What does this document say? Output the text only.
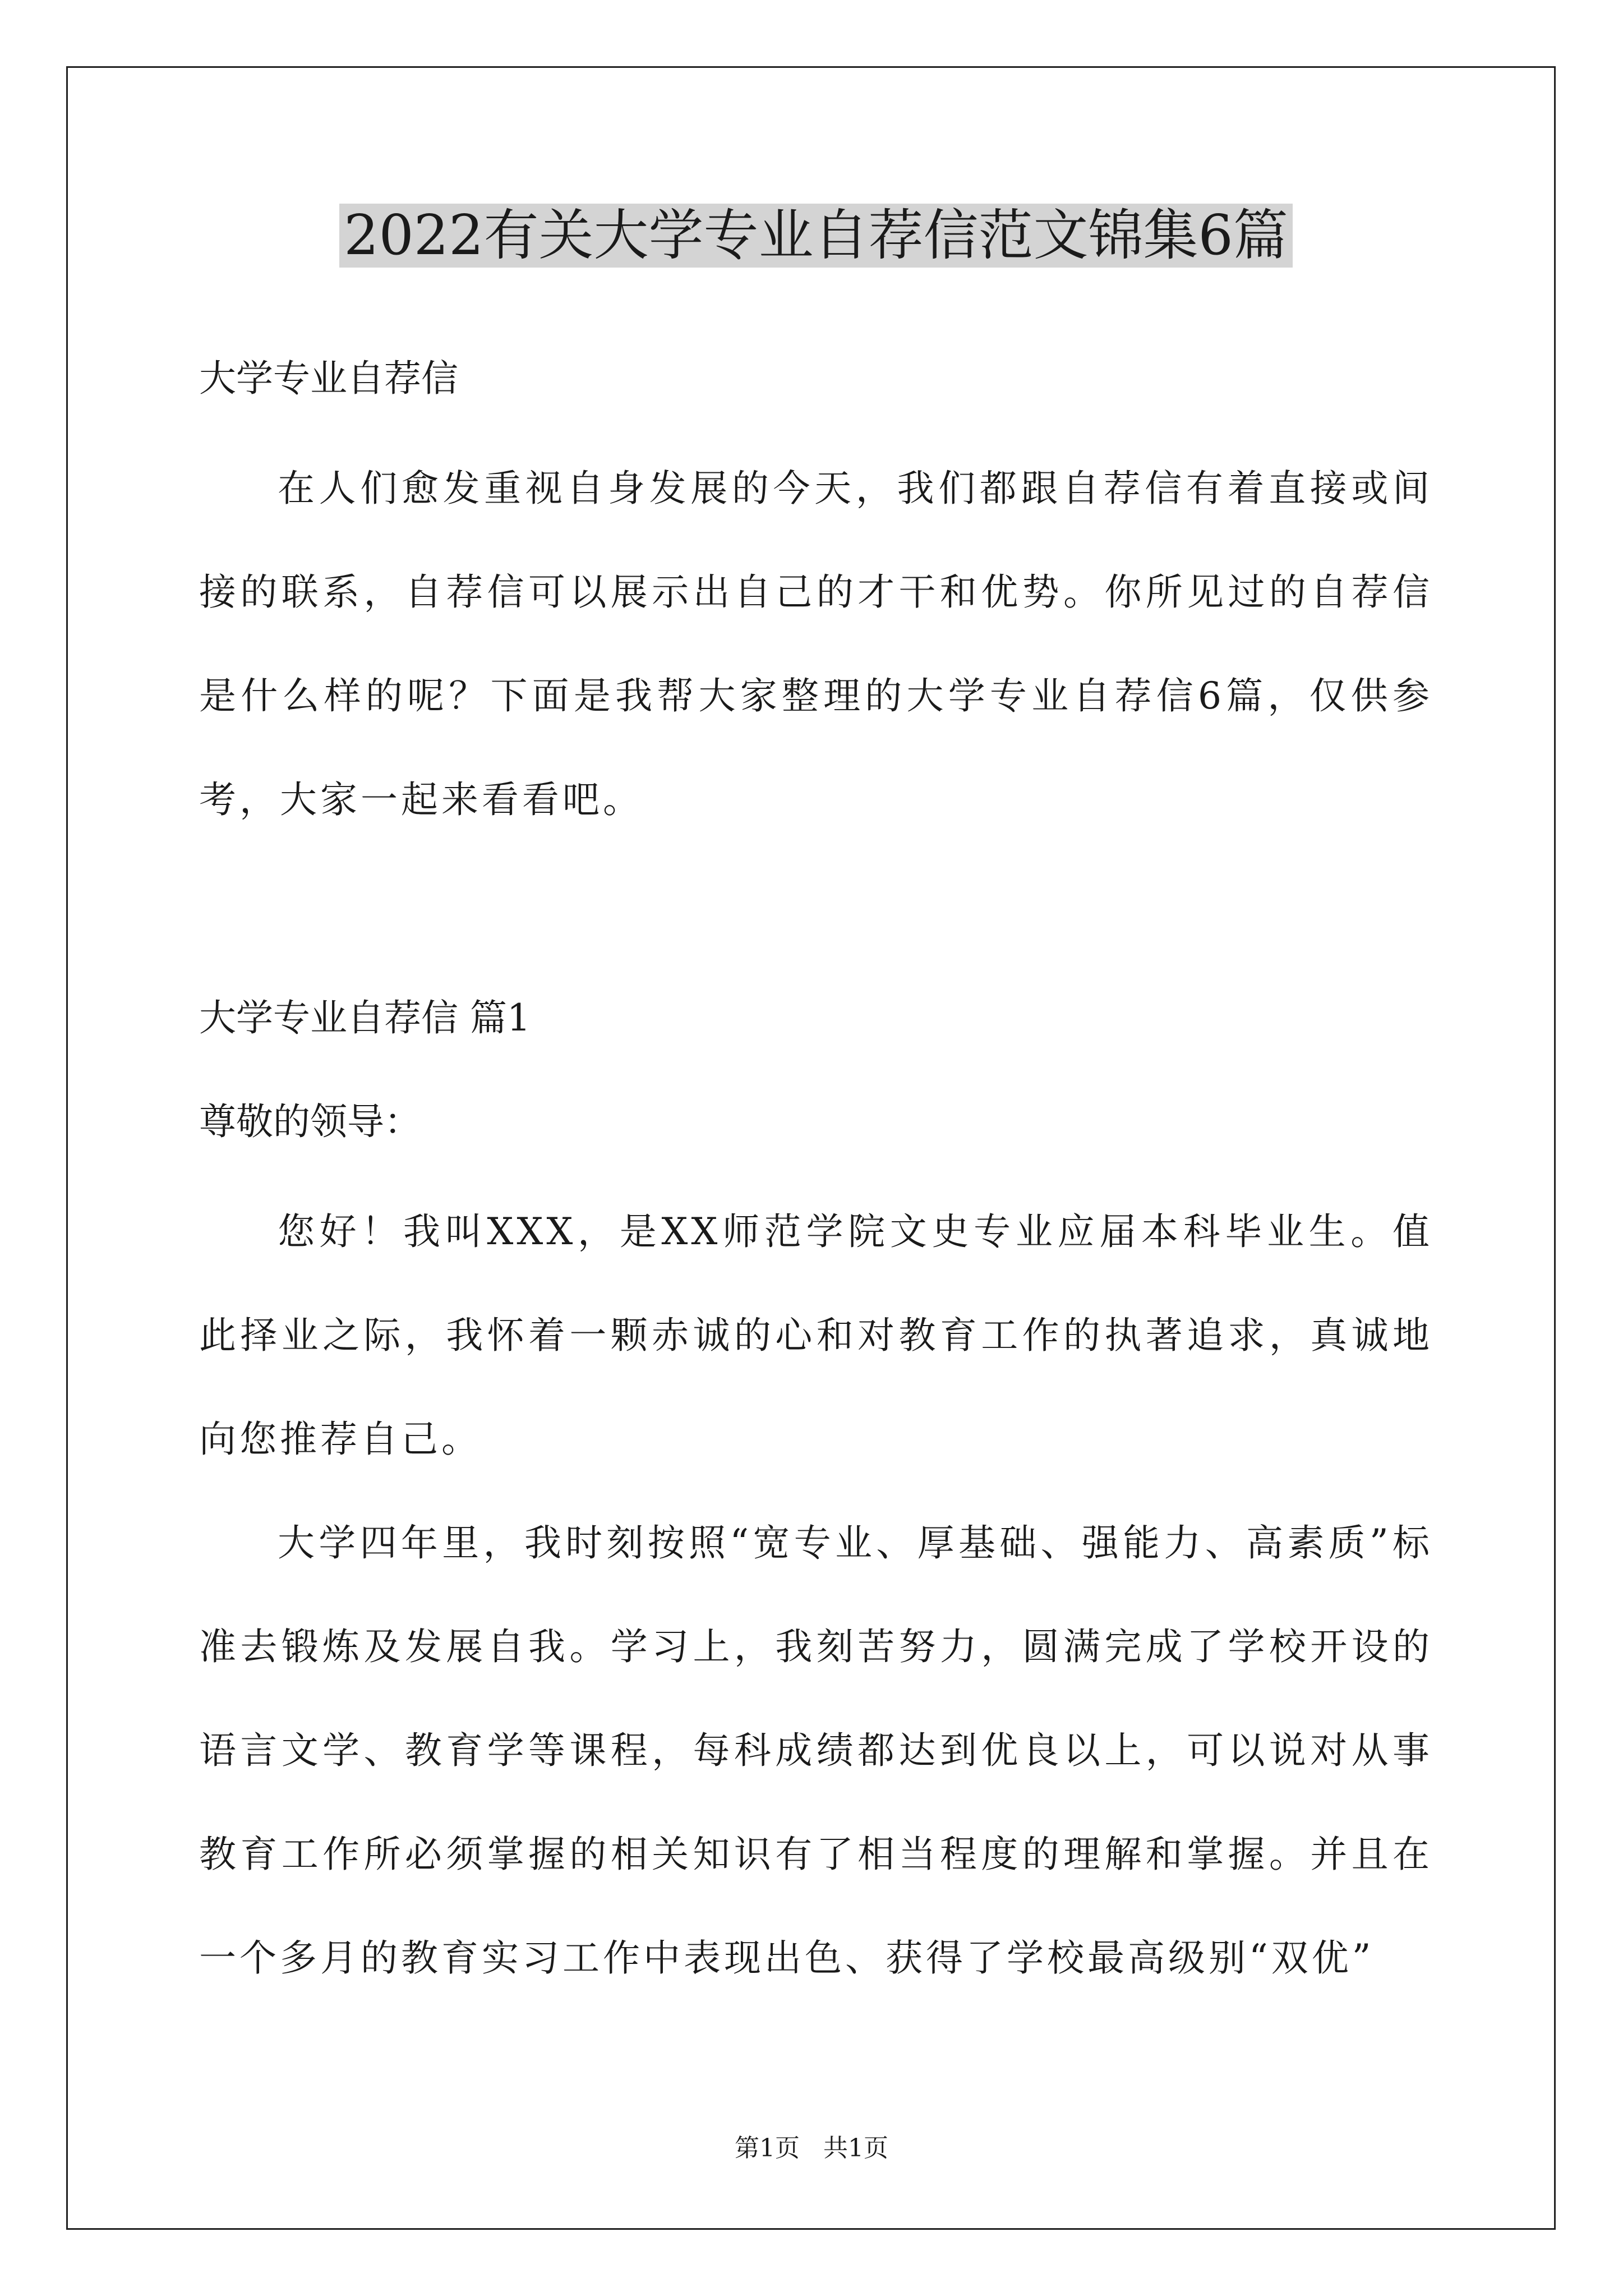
2022有关大学专业自荐信范文锦集6篇

大学专业自荐信

在人们愈发重视自身发展的今天，我们都跟自荐信有着直接或间接的联系，自荐信可以展示出自己的才干和优势。你所见过的自荐信是什么样的呢？下面是我帮大家整理的大学专业自荐信6篇，仅供参考，大家一起来看看吧。

大学专业自荐信 篇1

尊敬的领导：

您好！我叫XXX，是XX师范学院文史专业应届本科毕业生。值此择业之际，我怀着一颗赤诚的心和对教育工作的执著追求，真诚地向您推荐自己。

大学四年里，我时刻按照“宽专业、厚基础、强能力、高素质”标准去锻炼及发展自我。学习上，我刻苦努力，圆满完成了学校开设的语言文学、教育学等课程，每科成绩都达到优良以上，可以说对从事教育工作所必须掌握的相关知识有了相当程度的理解和掌握。并且在一个多月的教育实习工作中表现出色、获得了学校最高级别“双优”

第1页 共1页
